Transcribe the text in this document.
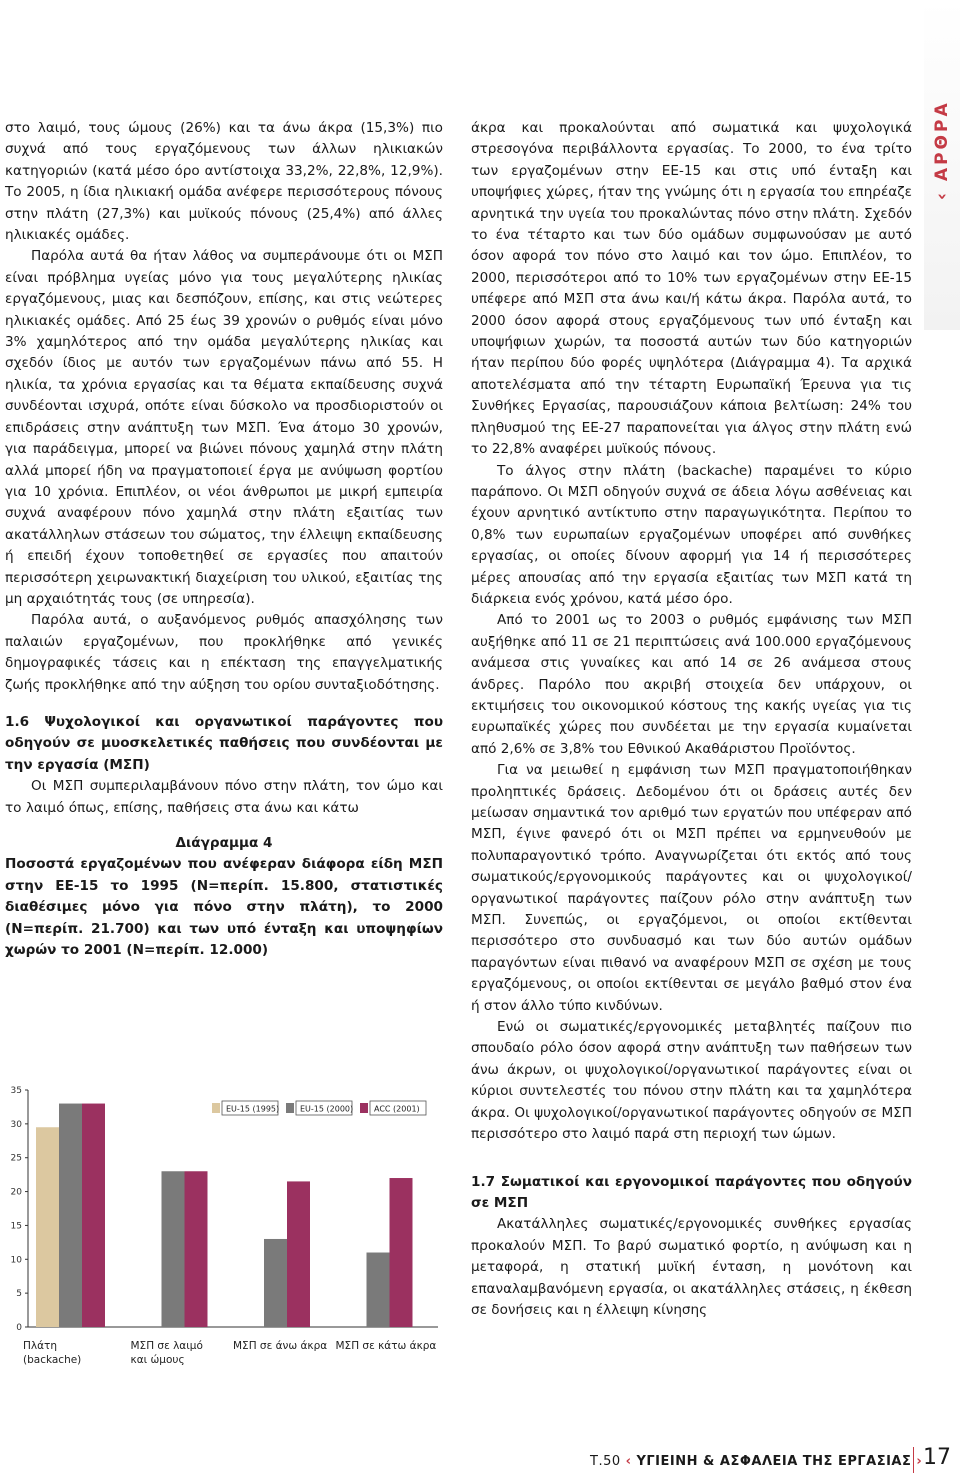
‹ ΑΡΘΡΑ

στο λαιμό, τους ώμους (26%) και τα άνω άκρα (15,3%) πιο συχνά από τους εργαζόμενους των άλλων ηλικιακών κατηγοριών (κατά μέσο όρο αντίστοιχα 33,2%, 22,8%, 12,9%). Το 2005, η ίδια ηλικιακή ομάδα ανέφερε περισσότερους πόνους στην πλάτη (27,3%) και μυϊκούς πόνους (25,4%) από άλλες ηλικιακές ομάδες.

Παρόλα αυτά θα ήταν λάθος να συμπεράνουμε ότι οι ΜΣΠ είναι πρόβλημα υγείας μόνο για τους μεγαλύτερης ηλικίας εργαζόμενους, μιας και δεσπόζουν, επίσης, και στις νεώτερες ηλικιακές ομάδες. Από 25 έως 39 χρονών ο ρυθμός είναι μόνο 3% χαμηλότερος από την ομάδα μεγαλύτερης ηλικίας και σχεδόν ίδιος με αυτόν των εργαζομένων πάνω από 55. Η ηλικία, τα χρόνια εργασίας και τα θέματα εκπαίδευσης συχνά συνδέονται ισχυρά, οπότε είναι δύσκολο να προσδιοριστούν οι επιδράσεις στην ανάπτυξη των ΜΣΠ. Ένα άτομο 30 χρονών, για παράδειγμα, μπορεί να βιώνει πόνους χαμηλά στην πλάτη αλλά μπορεί ήδη να πραγματοποιεί έργα με ανύψωση φορτίου για 10 χρόνια. Επιπλέον, οι νέοι άνθρωποι με μικρή εμπειρία συχνά αναφέρουν πόνο χαμηλά στην πλάτη εξαιτίας των ακατάλληλων στάσεων του σώματος, την έλλειψη εκπαίδευσης ή επειδή έχουν τοποθετηθεί σε εργασίες που απαιτούν περισσότερη χειρωνακτική διαχείριση του υλικού, εξαιτίας της μη αρχαιότητάς τους (σε υπηρεσία).

Παρόλα αυτά, ο αυξανόμενος ρυθμός απασχόλησης των παλαιών εργαζομένων, που προκλήθηκε από γενικές δημογραφικές τάσεις και η επέκταση της επαγγελματικής ζωής προκλήθηκε από την αύξηση του ορίου συνταξιοδότησης.

1.6 Ψυχολογικοί και οργανωτικοί παράγοντες που οδηγούν σε μυοσκελετικές παθήσεις που συνδέονται με την εργασία (ΜΣΠ)

Οι ΜΣΠ συμπεριλαμβάνουν πόνο στην πλάτη, τον ώμο και το λαιμό όπως, επίσης, παθήσεις στα άνω και κάτω

Διάγραμμα 4

Ποσοστά εργαζομένων που ανέφεραν διάφορα είδη ΜΣΠ στην ΕΕ-15 το 1995 (Ν=περίπ. 15.800, στατιστικές διαθέσιμες μόνο για πόνο στην πλάτη), το 2000 (Ν=περίπ. 21.700) και των υπό ένταξη και υποψηφίων χωρών το 2001 (Ν=περίπ. 12.000)

0
5
10
15
20
25
30
35
Πλάτη
(backache)
ΜΣΠ σε λαιμό
και ώμους
ΜΣΠ σε άνω άκρα ΜΣΠ σε κάτω άκρα
EU-15 (1995)	EU-15 (2000)	ACC (2001)

άκρα και προκαλούνται από σωματικά και ψυχολογικά στρεσογόνα περιβάλλοντα εργασίας. Το 2000, το ένα τρίτο των εργαζομένων στην ΕΕ-15 και στις υπό ένταξη και υποψήφιες χώρες, ήταν της γνώμης ότι η εργασία του επηρέαζε αρνητικά την υγεία του προκαλώντας πόνο στην πλάτη. Σχεδόν το ένα τέταρτο και των δύο ομάδων συμφωνούσαν με αυτό όσον αφορά τον πόνο στο λαιμό και τον ώμο. Επιπλέον, το 2000, περισσότεροι από το 10% των εργαζομένων στην ΕΕ-15 υπέφερε από ΜΣΠ στα άνω και/ή κάτω άκρα. Παρόλα αυτά, το 2000 όσον αφορά στους εργαζόμενους των υπό ένταξη και υποψήφιων χωρών, τα ποσοστά αυτών των δύο κατηγοριών ήταν περίπου δύο φορές υψηλότερα (Διάγραμμα 4). Τα αρχικά αποτελέσματα από την τέταρτη Ευρωπαϊκή Έρευνα για τις Συνθήκες Εργασίας, παρουσιάζουν κάποια βελτίωση: 24% του πληθυσμού της ΕΕ-27 παραπονείται για άλγος στην πλάτη ενώ το 22,8% αναφέρει μυϊκούς πόνους.

Το άλγος στην πλάτη (backache) παραμένει το κύριο παράπονο. Οι ΜΣΠ οδηγούν συχνά σε άδεια λόγω ασθένειας και έχουν αρνητικό αντίκτυπο στην παραγωγικότητα. Περίπου το 0,8% των ευρωπαίων εργαζομένων υποφέρει από συνθήκες εργασίας, οι οποίες δίνουν αφορμή για 14 ή περισσότερες μέρες απουσίας από την εργασία εξαιτίας των ΜΣΠ κατά τη διάρκεια ενός χρόνου, κατά μέσο όρο.

Από το 2001 ως το 2003 ο ρυθμός εμφάνισης των ΜΣΠ αυξήθηκε από 11 σε 21 περιπτώσεις ανά 100.000 εργαζόμενους ανάμεσα στις γυναίκες και από 14 σε 26 ανάμεσα στους άνδρες. Παρόλο που ακριβή στοιχεία δεν υπάρχουν, οι εκτιμήσεις του οικονομικού κόστους της κακής υγείας για τις ευρωπαϊκές χώρες που συνδέεται με την εργασία κυμαίνεται από 2,6% σε 3,8% του Εθνικού Ακαθάριστου Προϊόντος.

Για να μειωθεί η εμφάνιση των ΜΣΠ πραγματοποιήθηκαν προληπτικές δράσεις. Δεδομένου ότι οι δράσεις αυτές δεν μείωσαν σημαντικά τον αριθμό των εργατών που υπέφεραν από ΜΣΠ, έγινε φανερό ότι οι ΜΣΠ πρέπει να ερμηνευθούν με πολυπαραγοντικό τρόπο. Αναγνωρίζεται ότι εκτός από τους σωματικούς/εργονομικούς παράγοντες και οι ψυχολογικοί/οργανωτικοί παράγοντες παίζουν ρόλο στην ανάπτυξη των ΜΣΠ. Συνεπώς, οι εργαζόμενοι, οι οποίοι εκτίθενται περισσότερο στο συνδυασμό και των δύο αυτών ομάδων παραγόντων είναι πιθανό να αναφέρουν ΜΣΠ σε σχέση με τους εργαζόμενους, οι οποίοι εκτίθενται σε μεγάλο βαθμό στον ένα ή στον άλλο τύπο κινδύνων.

Ενώ οι σωματικές/εργονομικές μεταβλητές παίζουν πιο σπουδαίο ρόλο όσον αφορά στην ανάπτυξη των παθήσεων των άνω άκρων, οι ψυχολογικοί/οργανωτικοί παράγοντες είναι οι κύριοι συντελεστές του πόνου στην πλάτη και τα χαμηλότερα άκρα. Οι ψυχολογικοί/οργανωτικοί παράγοντες οδηγούν σε ΜΣΠ περισσότερο στο λαιμό παρά στη περιοχή των ώμων.

1.7 Σωματικοί και εργονομικοί παράγοντες που οδηγούν σε ΜΣΠ

Ακατάλληλες σωματικές/εργονομικές συνθήκες εργασίας προκαλούν ΜΣΠ. Το βαρύ σωματικό φορτίο, η ανύψωση και η μεταφορά, η στατική μυϊκή ένταση, η μονότονη και επαναλαμβανόμενη εργασία, οι ακατάλληλες στάσεις, η έκθεση σε δονήσεις και η έλλειψη κίνησης

Τ.50 ‹ ΥΓΙΕΙΝΗ & ΑΣΦΑΛΕΙΑ ΤΗΣ ΕΡΓΑΣΙΑΣ › 17
